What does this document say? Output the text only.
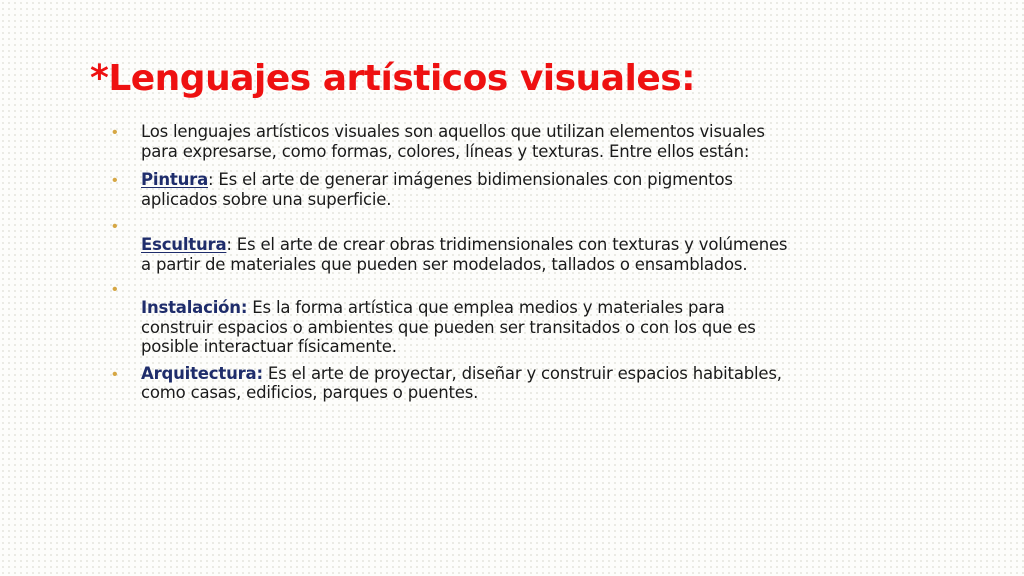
*Lenguajes artísticos visuales:
• Los lenguajes artísticos visuales son aquellos que utilizan elementos visuales
para expresarse, como formas, colores, líneas y texturas. Entre ellos están:
• Pintura: Es el arte de generar imágenes bidimensionales con pigmentos
aplicados sobre una superficie.
•
Escultura: Es el arte de crear obras tridimensionales con texturas y volúmenes
a partir de materiales que pueden ser modelados, tallados o ensamblados.
•
Instalación: Es la forma artística que emplea medios y materiales para
construir espacios o ambientes que pueden ser transitados o con los que es
posible interactuar físicamente.
• Arquitectura: Es el arte de proyectar, diseñar y construir espacios habitables,
como casas, edificios, parques o puentes.
